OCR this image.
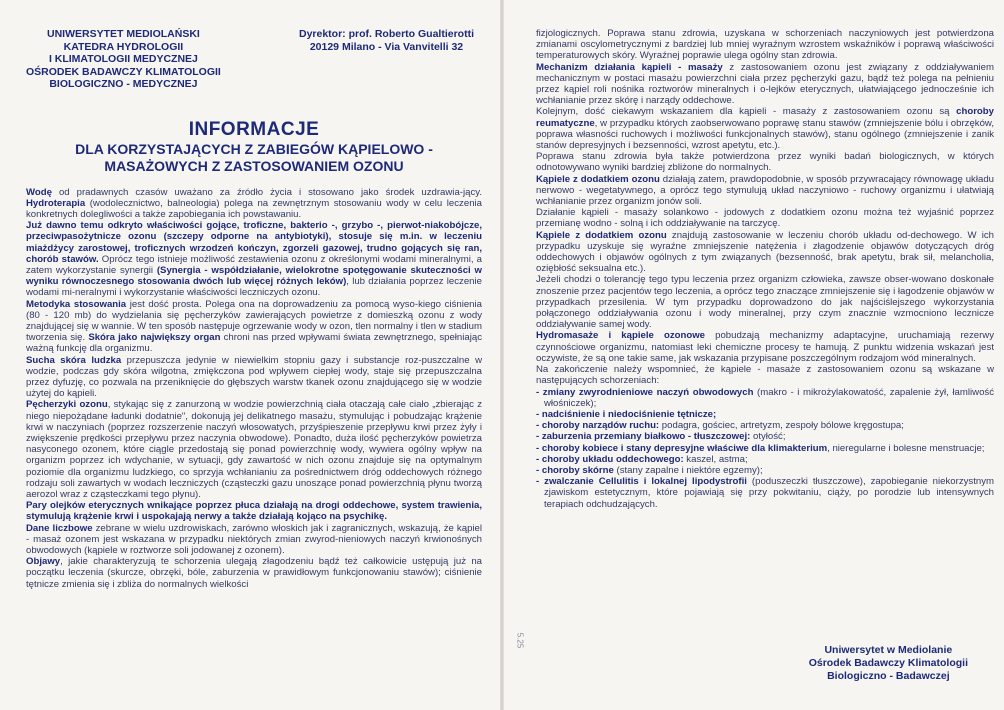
UNIWERSYTET MEDIOLAŃSKI
KATEDRA HYDROLOGII
I KLIMATOLOGII MEDYCZNEJ
OŚRODEK BADAWCZY KLIMATOLOGII
BIOLOGICZNO - MEDYCZNEJ
Dyrektor: prof. Roberto Gualtierotti
20129 Milano - Via Vanvitelli 32
INFORMACJE
DLA KORZYSTAJĄCYCH Z ZABIEGÓW KĄPIELOWO -
MASAŻOWYCH Z ZASTOSOWANIEM OZONU

Wodę od pradawnych czasów uważano za źródło życia i stosowano jako środek uzdrawia-jący. Hydroterapia (wodolecznictwo, balneologia) polega na zewnętrznym stosowaniu wody w celu leczenia konkretnych dolegliwości a także zapobiegania ich powstawaniu.

Już dawno temu odkryto właściwości gojące, troficzne, bakterio -, grzybo -, pierwot-niakobójcze, przeciwpasożytnicze ozonu (szczepy odporne na antybiotyki), stosuje się m.in. w leczeniu miażdżycy zarostowej, troficznych wrzodzeń kończyn, zgorzeli gazowej, trudno gojących się ran, chorób stawów. Oprócz tego istnieje możliwość zestawienia ozonu z określonymi wodami mineralnymi, a zatem wykorzystanie synergii (Synergia - współdziałanie, wielokrotne spotęgowanie skuteczności w wyniku równoczesnego stosowania dwóch lub więcej różnych leków), lub działania poprzez leczenie wodami mi-neralnymi i wykorzystanie właściwości leczniczych ozonu.

Metodyka stosowania jest dość prosta. Polega ona na doprowadzeniu za pomocą wyso-kiego ciśnienia (80 - 120 mb) do wydzielania się pęcherzyków zawierających powietrze z domieszką ozonu z wody znajdującej się w wannie. W ten sposób następuje ogrzewanie wody w ozon, tlen normalny i tlen w stadium tworzenia się. Skóra jako największy organ chroni nas przed wpływami świata zewnętrznego, spełniając ważną funkcję dla organizmu.

Sucha skóra ludzka przepuszcza jedynie w niewielkim stopniu gazy i substancje roz-puszczalne w wodzie, podczas gdy skóra wilgotna, zmiękczona pod wpływem ciepłej wody, staje się przepuszczalna przez dyfuzję, co pozwala na przeniknięcie do głębszych warstw tkanek ozonu znajdującego się w wodzie użytej do kąpieli.

Pęcherzyki ozonu, stykając się z zanurzoną w wodzie powierzchnią ciała otaczają całe ciało „zbierając z niego niepożądane ładunki dodatnie", dokonują jej delikatnego masażu, stymulując i pobudzając krążenie krwi w naczyniach (poprzez rozszerzenie naczyń włosowatych, przyśpieszenie przepływu krwi przez żyły i zwiększenie prędkości przepływu przez naczynia obwodowe). Ponadto, duża ilość pęcherzyków powietrza nasyconego ozonem, które ciągle przedostają się ponad powierzchnię wody, wywiera ogólny wpływ na organizm poprzez ich wdychanie, w sytuacji, gdy zawartość w nich ozonu znajduje się na optymalnym poziomie dla organizmu ludzkiego, co sprzyja wchłanianiu za pośrednictwem dróg oddechowych różnego rodzaju soli zawartych w wodach leczniczych (cząsteczki gazu unoszące ponad powierzchnią płynu tworzą aerozol wraz z cząsteczkami tego płynu).

Pary olejków eterycznych wnikające poprzez płuca działają na drogi oddechowe, system trawienia, stymulują krążenie krwi i uspokajają nerwy a także działają kojąco na psychikę.

Dane liczbowe zebrane w wielu uzdrowiskach, zarówno włoskich jak i zagranicznych, wskazują, że kąpiel - masaż ozonem jest wskazana w przypadku niektórych zmian zwyrod-nieniowych naczyń krwionośnych obwodowych (kąpiele w roztworze soli jodowanej z ozonem).

Objawy, jakie charakteryzują te schorzenia ulegają złagodzeniu bądź też całkowicie ustępują już na początku leczenia (skurcze, obrzęki, bóle, zaburzenia w prawidłowym funkcjonowaniu stawów); ciśnienie tętnicze zmienia się i zbliża do normalnych wielkości

fizjologicznych. Poprawa stanu zdrowia, uzyskana w schorzeniach naczyniowych jest potwierdzona zmianami oscylometrycznymi z bardziej lub mniej wyraźnym wzrostem wskaźników i poprawą właściwości temperaturowych skóry. Wyraźnej poprawie ulega ogólny stan zdrowia.

Mechanizm działania kąpieli - masaży z zastosowaniem ozonu jest związany z oddziaływaniem mechanicznym w postaci masażu powierzchni ciała przez pęcherzyki gazu, bądź też polega na pełnieniu przez kąpiel roli nośnika roztworów mineralnych i o-lejków eterycznych, ułatwiającego jednocześnie ich wchłanianie przez skórę i narządy oddechowe.

Kolejnym, dość ciekawym wskazaniem dla kąpieli - masaży z zastosowaniem ozonu są choroby reumatyczne, w przypadku których zaobserwowano poprawę stanu stawów (zmniejszenie bólu i obrzęków, poprawa własności ruchowych i możliwości funkcjonalnych stawów), stanu ogólnego (zmniejszenie i zanik stanów depresyjnych i bezsenności, wzrost apetytu, etc.).

Poprawa stanu zdrowia była także potwierdzona przez wyniki badań biologicznych, w których odnotowywano wyniki bardziej zbliżone do normalnych.

Kąpiele z dodatkiem ozonu działają zatem, prawdopodobnie, w sposób przywracający równowagę układu nerwowo - wegetatywnego, a oprócz tego stymulują układ naczyniowo - ruchowy organizmu i ułatwiają wchłanianie przez organizm jonów soli.

Działanie kąpieli - masaży solankowo - jodowych z dodatkiem ozonu można też wyjaśnić poprzez przemianę wodno - solną i ich oddziaływanie na tarczycę.

Kąpiele z dodatkiem ozonu znajdują zastosowanie w leczeniu chorób układu od-dechowego. W ich przypadku uzyskuje się wyraźne zmniejszenie natężenia i złagodzenie objawów dotyczących dróg oddechowych i objawów ogólnych z tym związanych (bezsenność, brak apetytu, brak sił, melancholia, oziębłość seksualna etc.).

Jeżeli chodzi o tolerancję tego typu leczenia przez organizm człowieka, zawsze obser-wowano doskonałe znoszenie przez pacjentów tego leczenia, a oprócz tego znaczące zmniejszenie się i łagodzenie objawów w przypadkach przesilenia. W tym przypadku doprowadzono do jak najściślejszego wykorzystania połączonego oddziaływania ozonu i wody mineralnej, przy czym znacznie wzmocniono lecznicze oddziaływanie samej wody.

Hydromasaże i kąpiele ozonowe pobudzają mechanizmy adaptacyjne, uruchamiają rezerwy czynnościowe organizmu, natomiast leki chemiczne procesy te hamują. Z punktu widzenia wskazań jest oczywiste, że są one takie same, jak wskazania przypisane poszczególnym rodzajom wód mineralnych.

Na zakończenie należy wspomnieć, że kąpiele - masaże z zastosowaniem ozonu są wskazane w następujących schorzeniach:

- zmiany zwyrodnieniowe naczyń obwodowych (makro - i mikrożylakowatość, zapalenie żył, łamliwość włośniczek);
- nadciśnienie i niedociśnienie tętnicze;
- choroby narządów ruchu: podagra, gościec, artretyzm, zespoły bólowe kręgostupa;
- zaburzenia przemiany białkowo - tłuszczowej: otyłość;
- choroby kobiece i stany depresyjne właściwe dla klimakterium, nieregularne i bolesne menstruacje;
- choroby układu oddechowego: kaszel, astma;
- choroby skórne (stany zapalne i niektóre egzemy);
- zwalczanie Cellulitis i lokalnej lipodystrofii (poduszeczki tłuszczowe), zapobieganie niekorzystnym zjawiskom estetycznym, które pojawiają się przy pokwitaniu, ciąży, po porodzie lub intensywnych terapiach odchudzających.
5.25
Uniwersytet w Mediolanie
Ośrodek Badawczy Klimatologii
Biologiczno - Badawczej
